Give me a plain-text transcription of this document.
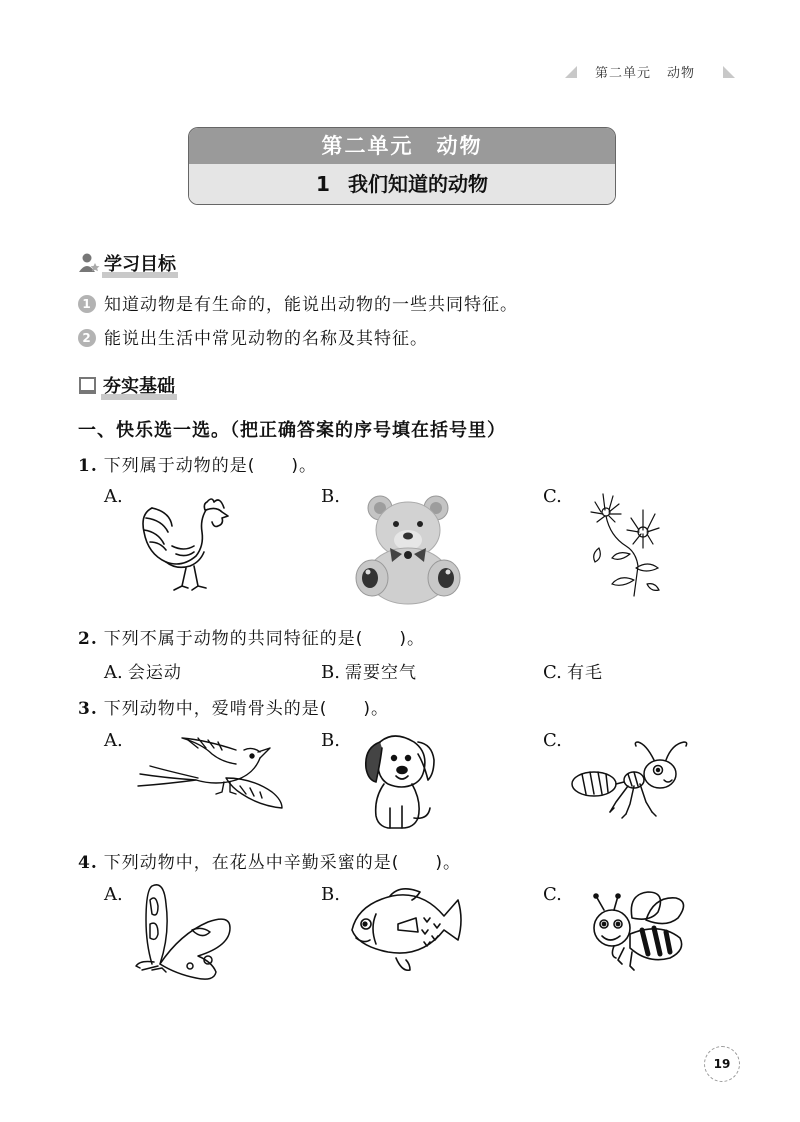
第二单元 动物
第二单元　动物
1 我们知道的动物
学习目标
1 知道动物是有生命的，能说出动物的一些共同特征。
2 能说出生活中常见动物的名称及其特征。
夯实基础
一、快乐选一选。（把正确答案的序号填在括号里）
1. 下列属于动物的是(　　)。
A.	B.	C.
2. 下列不属于动物的共同特征的是(　　)。
A. 会运动	B. 需要空气	C. 有毛
3. 下列动物中，爱啃骨头的是(　　)。
A.	B.	C.
4. 下列动物中，在花丛中辛勤采蜜的是(　　)。
A.	B.	C.
19
